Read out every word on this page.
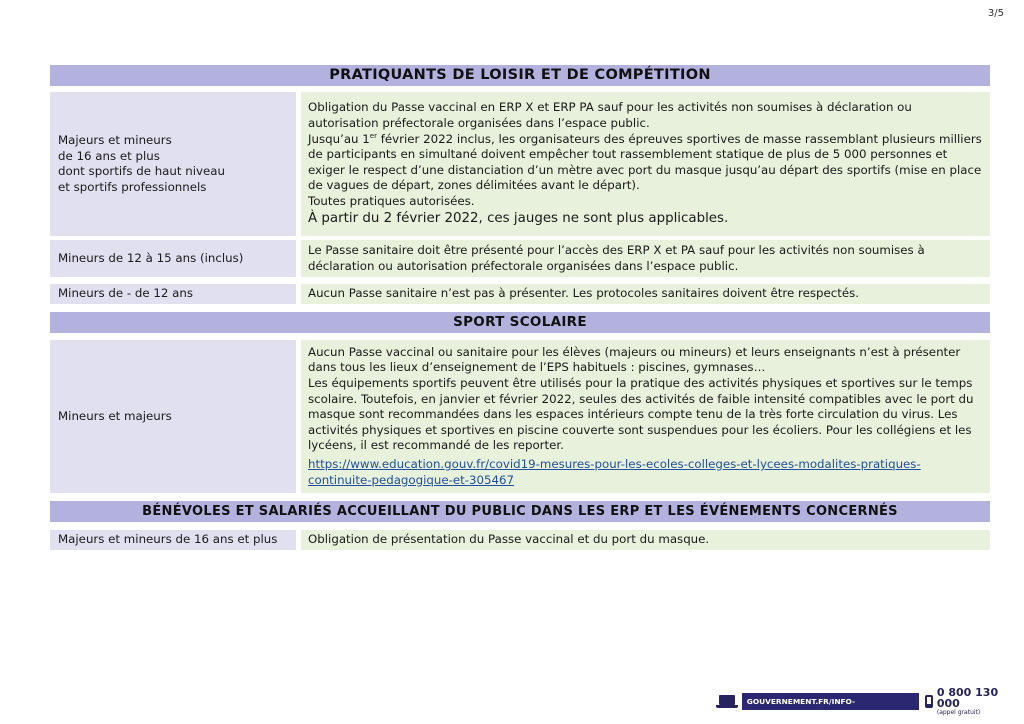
3/5
PRATIQUANTS DE LOISIR ET DE COMPÉTITION
Majeurs et mineurs
de 16 ans et plus
dont sportifs de haut niveau
et sportifs professionnels

Obligation du Passe vaccinal en ERP X et ERP PA sauf pour les activités non soumises à déclaration ou autorisation préfectorale organisées dans l’espace public.

Jusqu’au 1er février 2022 inclus, les organisateurs des épreuves sportives de masse rassemblant plusieurs milliers de participants en simultané doivent empêcher tout rassemblement statique de plus de 5 000 personnes et exiger le respect d’une distanciation d’un mètre avec port du masque jusqu’au départ des sportifs (mise en place de vagues de départ, zones délimitées avant le départ).

Toutes pratiques autorisées.

À partir du 2 février 2022, ces jauges ne sont plus applicables.

Mineurs de 12 à 15 ans (inclus)

Le Passe sanitaire doit être présenté pour l’accès des ERP X et PA sauf pour les activités non soumises à déclaration ou autorisation préfectorale organisées dans l’espace public.

Mineurs de - de 12 ans	Aucun Passe sanitaire n’est pas à présenter. Les protocoles sanitaires doivent être respectés.

SPORT SCOLAIRE
Mineurs et majeurs

Aucun Passe vaccinal ou sanitaire pour les élèves (majeurs ou mineurs) et leurs enseignants n’est à présenter dans tous les lieux d’enseignement de l’EPS habituels : piscines, gymnases…

Les équipements sportifs peuvent être utilisés pour la pratique des activités physiques et sportives sur le temps scolaire. Toutefois, en janvier et février 2022, seules des activités de faible intensité compatibles avec le port du masque sont recommandées dans les espaces intérieurs compte tenu de la très forte circulation du virus. Les activités physiques et sportives en piscine couverte sont suspendues pour les écoliers. Pour les collégiens et les lycéens, il est recommandé de les reporter.

https://www.education.gouv.fr/covid19-mesures-pour-les-ecoles-colleges-et-lycees-modalites-pratiques-
continuite-pedagogique-et-305467

BÉNÉVOLES ET SALARIÉS ACCUEILLANT DU PUBLIC DANS LES ERP ET LES ÉVÉNEMENTS CONCERNÉS
Majeurs et mineurs de 16 ans et plus	Obligation de présentation du Passe vaccinal et du port du masque.

GOUVERNEMENT.FR/INFO-CORONAVIRUS
0 800 130 000
(appel gratuit)
